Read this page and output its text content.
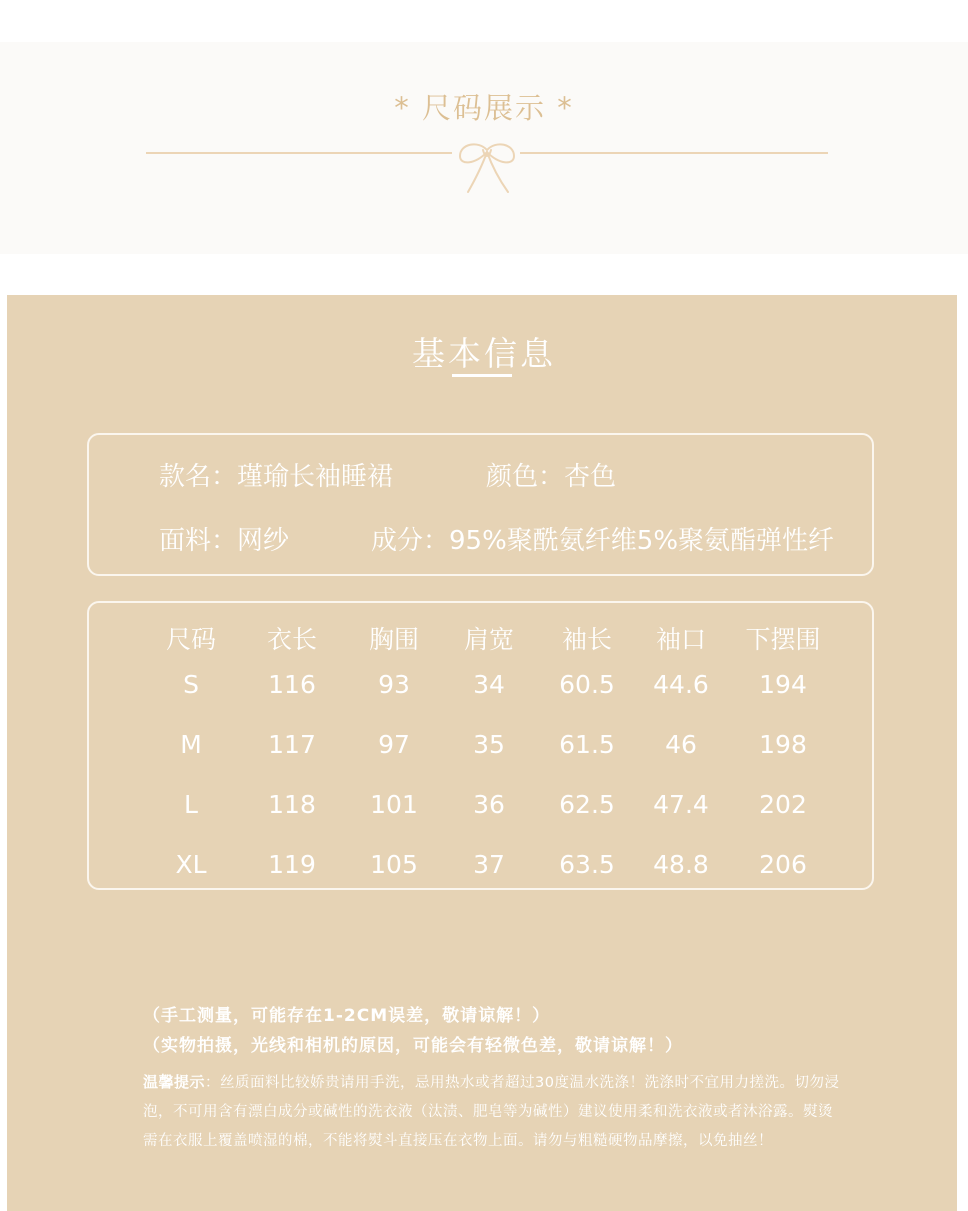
* 尺码展示 *
基本信息
款名：瑾瑜长袖睡裙	颜色：杏色
面料：网纱	成分：95%聚酰氨纤维5%聚氨酯弹性纤
尺码	衣长	胸围	肩宽	袖长	袖口	下摆围
S	116	93	34	60.5	44.6	194
M	117	97	35	61.5	46	198
L	118	101	36	62.5	47.4	202
XL	119	105	37	63.5	48.8	206
（手工测量，可能存在1-2CM误差，敬请谅解！）
（实物拍摄，光线和相机的原因，可能会有轻微色差，敬请谅解！）
温馨提示：丝质面料比较娇贵请用手洗，忌用热水或者超过30度温水洗涤！洗涤时不宜用力搓洗。切勿浸泡，不可用含有漂白成分或碱性的洗衣液（汰渍、肥皂等为碱性）建议使用柔和洗衣液或者沐浴露。熨烫需在衣服上覆盖喷湿的棉，不能将熨斗直接压在衣物上面。请勿与粗糙硬物品摩擦，以免抽丝！
